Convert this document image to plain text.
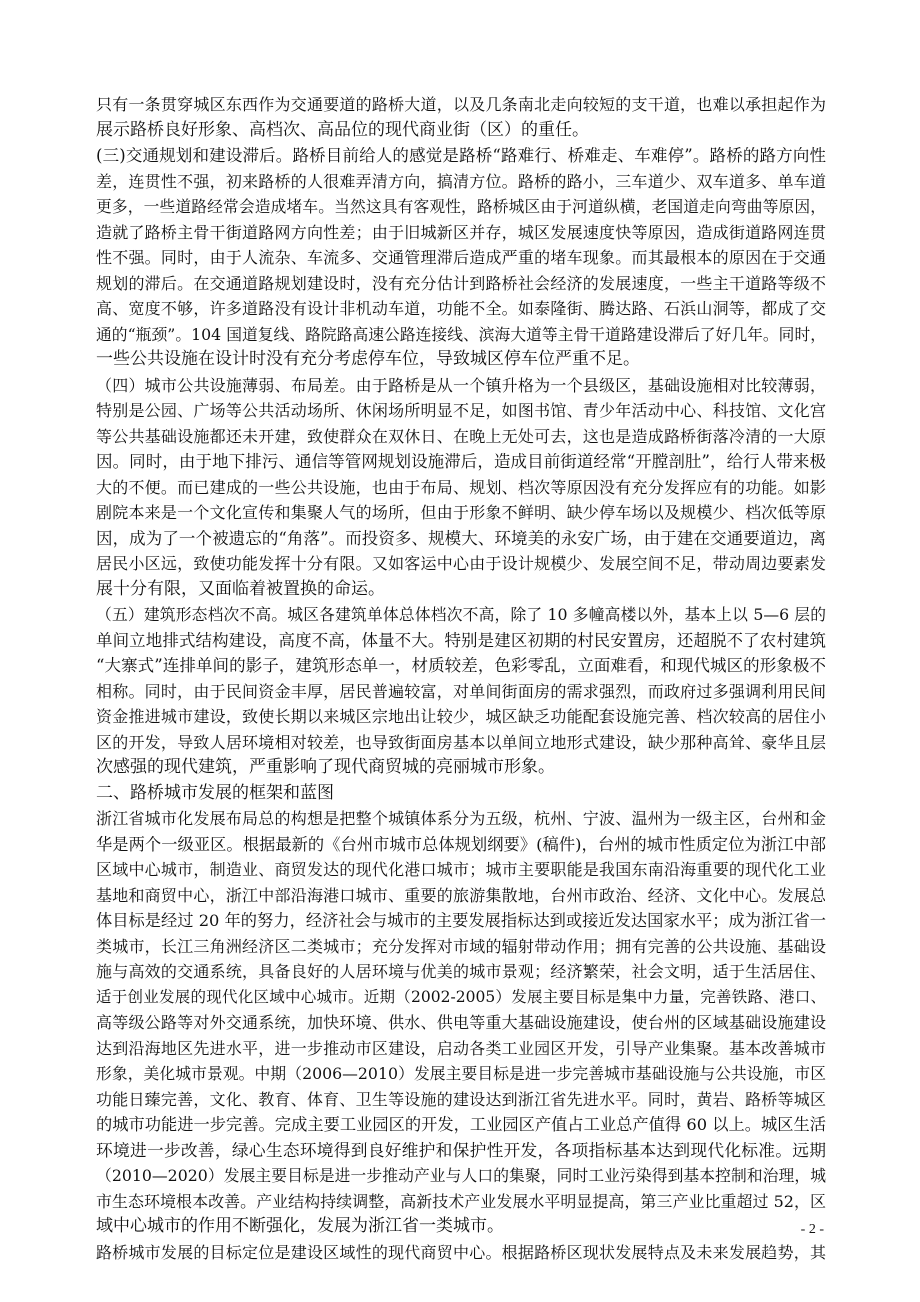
只有一条贯穿城区东西作为交通要道的路桥大道，以及几条南北走向较短的支干道，也难以承担起作为
展示路桥良好形象、高档次、高品位的现代商业街（区）的重任。
(三)交通规划和建设滞后。路桥目前给人的感觉是路桥“路难行、桥难走、车难停”。路桥的路方向性
差，连贯性不强，初来路桥的人很难弄清方向，搞清方位。路桥的路小，三车道少、双车道多、单车道
更多，一些道路经常会造成堵车。当然这具有客观性，路桥城区由于河道纵横，老国道走向弯曲等原因，
造就了路桥主骨干街道路网方向性差；由于旧城新区并存，城区发展速度快等原因，造成街道路网连贯
性不强。同时，由于人流杂、车流多、交通管理滞后造成严重的堵车现象。而其最根本的原因在于交通
规划的滞后。在交通道路规划建设时，没有充分估计到路桥社会经济的发展速度，一些主干道路等级不
高、宽度不够，许多道路没有设计非机动车道，功能不全。如泰隆街、腾达路、石浜山洞等，都成了交
通的“瓶颈”。104 国道复线、路院路高速公路连接线、滨海大道等主骨干道路建设滞后了好几年。同时，
一些公共设施在设计时没有充分考虑停车位，导致城区停车位严重不足。
（四）城市公共设施薄弱、布局差。由于路桥是从一个镇升格为一个县级区，基础设施相对比较薄弱，
特别是公园、广场等公共活动场所、休闲场所明显不足，如图书馆、青少年活动中心、科技馆、文化宫
等公共基础设施都还未开建，致使群众在双休日、在晚上无处可去，这也是造成路桥街落冷清的一大原
因。同时，由于地下排污、通信等管网规划设施滞后，造成目前街道经常“开膛剖肚”，给行人带来极
大的不便。而已建成的一些公共设施，也由于布局、规划、档次等原因没有充分发挥应有的功能。如影
剧院本来是一个文化宣传和集聚人气的场所，但由于形象不鲜明、缺少停车场以及规模少、档次低等原
因，成为了一个被遗忘的“角落”。而投资多、规模大、环境美的永安广场，由于建在交通要道边，离
居民小区远，致使功能发挥十分有限。又如客运中心由于设计规模少、发展空间不足，带动周边要素发
展十分有限，又面临着被置换的命运。
（五）建筑形态档次不高。城区各建筑单体总体档次不高，除了 10 多幢高楼以外，基本上以 5—6 层的
单间立地排式结构建设，高度不高，体量不大。特别是建区初期的村民安置房，还超脱不了农村建筑
“大寨式”连排单间的影子，建筑形态单一，材质较差，色彩零乱，立面难看，和现代城区的形象极不
相称。同时，由于民间资金丰厚，居民普遍较富，对单间街面房的需求强烈，而政府过多强调利用民间
资金推进城市建设，致使长期以来城区宗地出让较少，城区缺乏功能配套设施完善、档次较高的居住小
区的开发，导致人居环境相对较差，也导致街面房基本以单间立地形式建设，缺少那种高耸、豪华且层
次感强的现代建筑，严重影响了现代商贸城的亮丽城市形象。
二、路桥城市发展的框架和蓝图
浙江省城市化发展布局总的构想是把整个城镇体系分为五级，杭州、宁波、温州为一级主区，台州和金
华是两个一级亚区。根据最新的《台州市城市总体规划纲要》(稿件)，台州的城市性质定位为浙江中部
区域中心城市，制造业、商贸发达的现代化港口城市；城市主要职能是我国东南沿海重要的现代化工业
基地和商贸中心，浙江中部沿海港口城市、重要的旅游集散地，台州市政治、经济、文化中心。发展总
体目标是经过 20 年的努力，经济社会与城市的主要发展指标达到或接近发达国家水平；成为浙江省一
类城市，长江三角洲经济区二类城市；充分发挥对市域的辐射带动作用；拥有完善的公共设施、基础设
施与高效的交通系统，具备良好的人居环境与优美的城市景观；经济繁荣，社会文明，适于生活居住、
适于创业发展的现代化区域中心城市。近期（2002-2005）发展主要目标是集中力量，完善铁路、港口、
高等级公路等对外交通系统，加快环境、供水、供电等重大基础设施建设，使台州的区域基础设施建设
达到沿海地区先进水平，进一步推动市区建设，启动各类工业园区开发，引导产业集聚。基本改善城市
形象，美化城市景观。中期（2006—2010）发展主要目标是进一步完善城市基础设施与公共设施，市区
功能日臻完善，文化、教育、体育、卫生等设施的建设达到浙江省先进水平。同时，黄岩、路桥等城区
的城市功能进一步完善。完成主要工业园区的开发，工业园区产值占工业总产值得 60 以上。城区生活
环境进一步改善，绿心生态环境得到良好维护和保护性开发，各项指标基本达到现代化标准。远期
（2010—2020）发展主要目标是进一步推动产业与人口的集聚，同时工业污染得到基本控制和治理，城
市生态环境根本改善。产业结构持续调整，高新技术产业发展水平明显提高，第三产业比重超过 52，区
域中心城市的作用不断强化，发展为浙江省一类城市。
路桥城市发展的目标定位是建设区域性的现代商贸中心。根据路桥区现状发展特点及未来发展趋势，其
- 2 -
